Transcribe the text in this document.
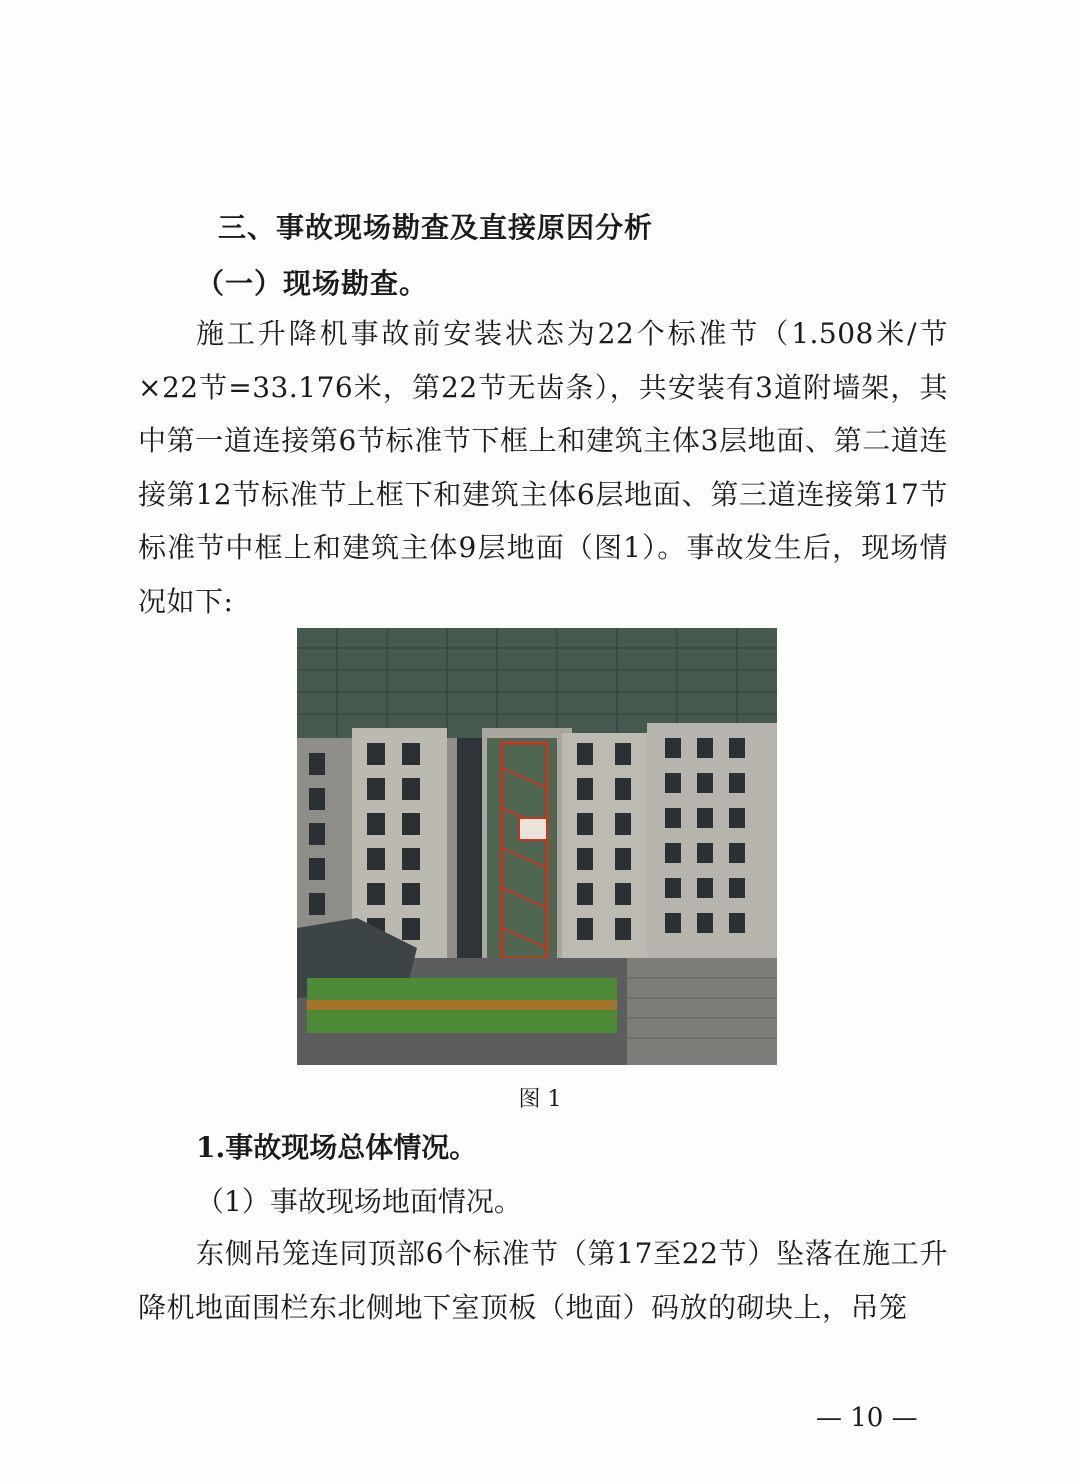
三、事故现场勘查及直接原因分析
（一）现场勘查。
施工升降机事故前安装状态为22个标准节（1.508米/节×22节=33.176米，第22节无齿条），共安装有3道附墙架，其中第一道连接第6节标准节下框上和建筑主体3层地面、第二道连接第12节标准节上框下和建筑主体6层地面、第三道连接第17节标准节中框上和建筑主体9层地面（图1）。事故发生后，现场情况如下:
图 1
1.事故现场总体情况。
（1）事故现场地面情况。
东侧吊笼连同顶部6个标准节（第17至22节）坠落在施工升降机地面围栏东北侧地下室顶板（地面）码放的砌块上，吊笼
— 10 —
